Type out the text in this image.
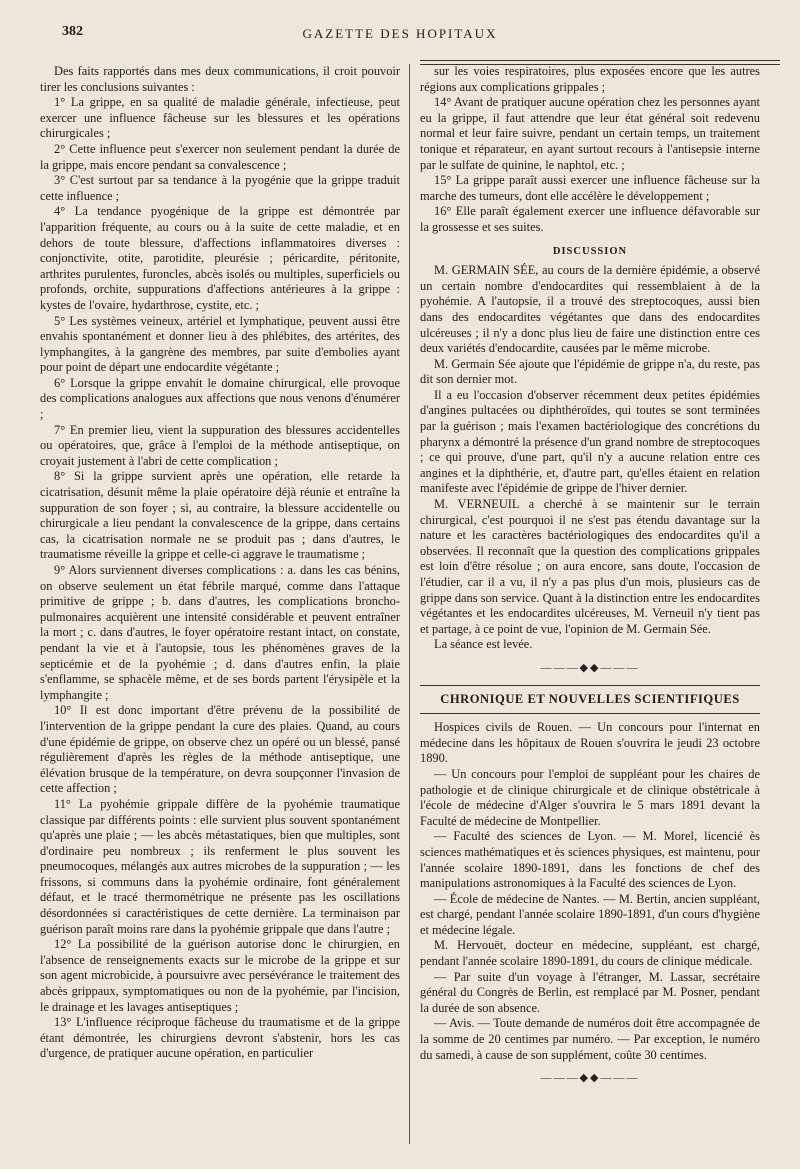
382	GAZETTE DES HOPITAUX

Des faits rapportés dans mes deux communications, il croit pouvoir tirer les conclusions suivantes :

1° La grippe, en sa qualité de maladie générale, infectieuse, peut exercer une influence fâcheuse sur les blessures et les opérations chirurgicales ;

2° Cette influence peut s'exercer non seulement pendant la durée de la grippe, mais encore pendant sa convalescence ;

3° C'est surtout par sa tendance à la pyogénie que la grippe traduit cette influence ;

4° La tendance pyogénique de la grippe est démontrée par l'apparition fréquente, au cours ou à la suite de cette maladie, et en dehors de toute blessure, d'affections inflammatoires diverses : conjonctivite, otite, parotidite, pleurésie ; péricardite, péritonite, arthrites purulentes, furoncles, abcès isolés ou multiples, superficiels ou profonds, orchite, suppurations d'affections antérieures à la grippe : kystes de l'ovaire, hydarthrose, cystite, etc. ;

5° Les systèmes veineux, artériel et lymphatique, peuvent aussi être envahis spontanément et donner lieu à des phlébites, des artérites, des lymphangites, à la gangrène des membres, par suite d'embolies ayant pour point de départ une endocardite végétante ;

6° Lorsque la grippe envahit le domaine chirurgical, elle provoque des complications analogues aux affections que nous venons d'énumérer ;

7° En premier lieu, vient la suppuration des blessures accidentelles ou opératoires, que, grâce à l'emploi de la méthode antiseptique, on croyait justement à l'abri de cette complication ;

8° Si la grippe survient après une opération, elle retarde la cicatrisation, désunit même la plaie opératoire déjà réunie et entraîne la suppuration de son foyer ; si, au contraire, la blessure accidentelle ou chirurgicale a lieu pendant la convalescence de la grippe, dans certains cas, la cicatrisation normale ne se produit pas ; dans d'autres, le traumatisme réveille la grippe et celle-ci aggrave le traumatisme ;

9° Alors surviennent diverses complications : a. dans les cas bénins, on observe seulement un état fébrile marqué, comme dans l'attaque primitive de grippe ; b. dans d'autres, les complications broncho-pulmonaires acquièrent une intensité considérable et peuvent entraîner la mort ; c. dans d'autres, le foyer opératoire restant intact, on constate, pendant la vie et à l'autopsie, tous les phénomènes graves de la septicémie et de la pyohémie ; d. dans d'autres enfin, la plaie s'enflamme, se sphacèle même, et de ses bords partent l'érysipèle et la lymphangite ;

10° Il est donc important d'être prévenu de la possibilité de l'intervention de la grippe pendant la cure des plaies. Quand, au cours d'une épidémie de grippe, on observe chez un opéré ou un blessé, pansé régulièrement d'après les règles de la méthode antiseptique, une élévation brusque de la température, on devra soupçonner l'invasion de cette affection ;

11° La pyohémie grippale diffère de la pyohémie traumatique classique par différents points : elle survient plus souvent spontanément qu'après une plaie ; — les abcès métastatiques, bien que multiples, sont d'ordinaire peu nombreux ; ils renferment le plus souvent les pneumocoques, mélangés aux autres microbes de la suppuration ; — les frissons, si communs dans la pyohémie ordinaire, font généralement défaut, et le tracé thermométrique ne présente pas les oscillations désordonnées si caractéristiques de cette dernière. La terminaison par guérison paraît moins rare dans la pyohémie grippale que dans l'autre ;

12° La possibilité de la guérison autorise donc le chirurgien, en l'absence de renseignements exacts sur le microbe de la grippe et sur son agent microbicide, à poursuivre avec persévérance le traitement des abcès grippaux, symptomatiques ou non de la pyohémie, par l'incision, le drainage et les lavages antiseptiques ;

13° L'influence réciproque fâcheuse du traumatisme et de la grippe étant démontrée, les chirurgiens devront s'abstenir, hors les cas d'urgence, de pratiquer aucune opération, en particulier

sur les voies respiratoires, plus exposées encore que les autres régions aux complications grippales ;

14° Avant de pratiquer aucune opération chez les personnes ayant eu la grippe, il faut attendre que leur état général soit redevenu normal et leur faire suivre, pendant un certain temps, un traitement tonique et réparateur, en ayant surtout recours à l'antisepsie interne par le sulfate de quinine, le naphtol, etc. ;

15° La grippe paraît aussi exercer une influence fâcheuse sur la marche des tumeurs, dont elle accélère le développement ;

16° Elle paraît également exercer une influence défavorable sur la grossesse et ses suites.

DISCUSSION

M. GERMAIN SÉE, au cours de la dernière épidémie, a observé un certain nombre d'endocardites qui ressemblaient à de la pyohémie. A l'autopsie, il a trouvé des streptocoques, aussi bien dans des endocardites végétantes que dans des endocardites ulcéreuses ; il n'y a donc plus lieu de faire une distinction entre ces deux variétés d'endocardite, causées par le même microbe.

M. Germain Sée ajoute que l'épidémie de grippe n'a, du reste, pas dit son dernier mot.

Il a eu l'occasion d'observer récemment deux petites épidémies d'angines pultacées ou diphthéroïdes, qui toutes se sont terminées par la guérison ; mais l'examen bactériologique des concrétions du pharynx a démontré la présence d'un grand nombre de streptocoques ; ce qui prouve, d'une part, qu'il n'y a aucune relation entre ces angines et la diphthérie, et, d'autre part, qu'elles étaient en relation manifeste avec l'épidémie de grippe de l'hiver dernier.

M. VERNEUIL a cherché à se maintenir sur le terrain chirurgical, c'est pourquoi il ne s'est pas étendu davantage sur la nature et les caractères bactériologiques des endocardites qu'il a observées. Il reconnaît que la question des complications grippales est loin d'être résolue ; on aura encore, sans doute, l'occasion de l'étudier, car il a vu, il n'y a pas plus d'un mois, plusieurs cas de grippe dans son service. Quant à la distinction entre les endocardites végétantes et les endocardites ulcéreuses, M. Verneuil n'y tient pas et partage, à ce point de vue, l'opinion de M. Germain Sée.

La séance est levée.

———◆◆———
CHRONIQUE ET NOUVELLES SCIENTIFIQUES

Hospices civils de Rouen. — Un concours pour l'internat en médecine dans les hôpitaux de Rouen s'ouvrira le jeudi 23 octobre 1890.

— Un concours pour l'emploi de suppléant pour les chaires de pathologie et de clinique chirurgicale et de clinique obstétricale à l'école de médecine d'Alger s'ouvrira le 5 mars 1891 devant la Faculté de médecine de Montpellier.

— Faculté des sciences de Lyon. — M. Morel, licencié ès sciences mathématiques et ès sciences physiques, est maintenu, pour l'année scolaire 1890-1891, dans les fonctions de chef des manipulations astronomiques à la Faculté des sciences de Lyon.

— École de médecine de Nantes. — M. Bertin, ancien suppléant, est chargé, pendant l'année scolaire 1890-1891, d'un cours d'hygiène et médecine légale.

M. Hervouët, docteur en médecine, suppléant, est chargé, pendant l'année scolaire 1890-1891, du cours de clinique médicale.

— Par suite d'un voyage à l'étranger, M. Lassar, secrétaire général du Congrès de Berlin, est remplacé par M. Posner, pendant la durée de son absence.

— Avis. — Toute demande de numéros doit être accompagnée de la somme de 20 centimes par numéro. — Par exception, le numéro du samedi, à cause de son supplément, coûte 30 centimes.

———◆◆———
